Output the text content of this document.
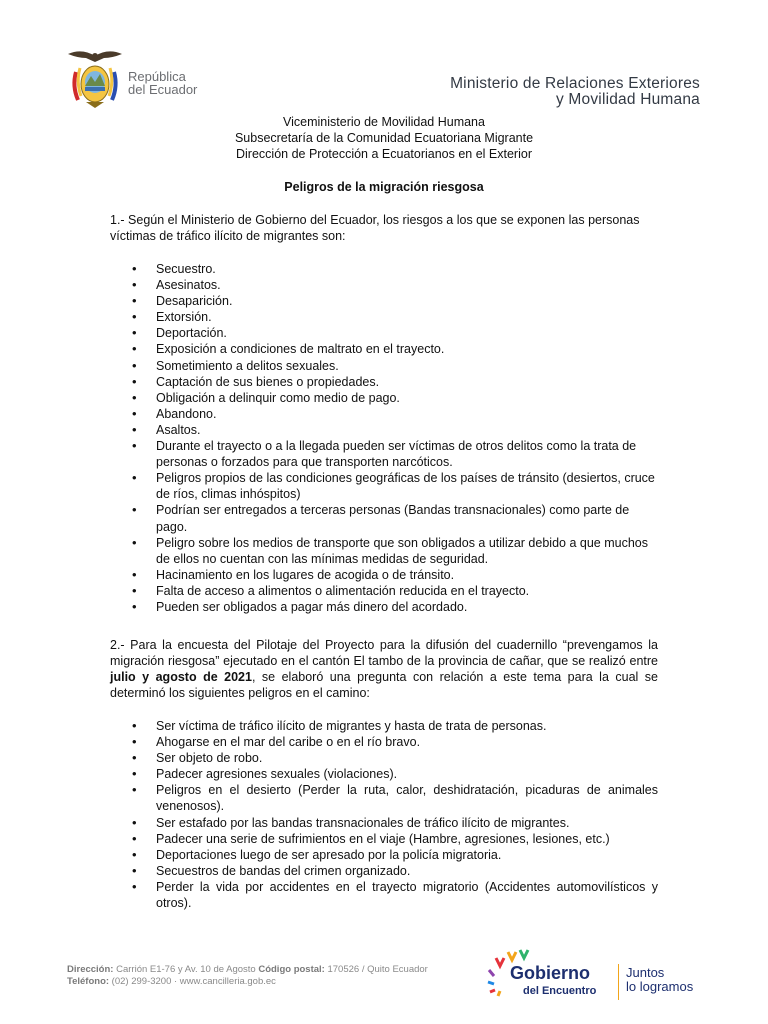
República
del Ecuador	Ministerio de Relaciones Exteriores
y Movilidad Humana
Viceministerio de Movilidad Humana
Subsecretaría de la Comunidad Ecuatoriana Migrante
Dirección de Protección a Ecuatorianos en el Exterior
Peligros de la migración riesgosa
1.- Según el Ministerio de Gobierno del Ecuador, los riesgos a los que se exponen las personas víctimas de tráfico ilícito de migrantes son:
• Secuestro.
• Asesinatos.
• Desaparición.
• Extorsión.
• Deportación.
• Exposición a condiciones de maltrato en el trayecto.
• Sometimiento a delitos sexuales.
• Captación de sus bienes o propiedades.
• Obligación a delinquir como medio de pago.
• Abandono.
• Asaltos.
• Durante el trayecto o a la llegada pueden ser víctimas de otros delitos como la trata de personas o forzados para que transporten narcóticos.
• Peligros propios de las condiciones geográficas de los países de tránsito (desiertos, cruce de ríos, climas inhóspitos)
• Podrían ser entregados a terceras personas (Bandas transnacionales) como parte de pago.
• Peligro sobre los medios de transporte que son obligados a utilizar debido a que muchos de ellos no cuentan con las mínimas medidas de seguridad.
• Hacinamiento en los lugares de acogida o de tránsito.
• Falta de acceso a alimentos o alimentación reducida en el trayecto.
• Pueden ser obligados a pagar más dinero del acordado.
2.- Para la encuesta del Pilotaje del Proyecto para la difusión del cuadernillo “prevengamos la migración riesgosa” ejecutado en el cantón El tambo de la provincia de cañar, que se realizó entre julio y agosto de 2021, se elaboró una pregunta con relación a este tema para la cual se determinó los siguientes peligros en el camino:
• Ser víctima de tráfico ilícito de migrantes y hasta de trata de personas.
• Ahogarse en el mar del caribe o en el río bravo.
• Ser objeto de robo.
• Padecer agresiones sexuales (violaciones).
• Peligros en el desierto (Perder la ruta, calor, deshidratación, picaduras de animales venenosos).
• Ser estafado por las bandas transnacionales de tráfico ilícito de migrantes.
• Padecer una serie de sufrimientos en el viaje (Hambre, agresiones, lesiones, etc.)
• Deportaciones luego de ser apresado por la policía migratoria.
• Secuestros de bandas del crimen organizado.
• Perder la vida por accidentes en el trayecto migratorio (Accidentes automovilísticos y otros).
Dirección: Carrión E1-76 y Av. 10 de Agosto Código postal: 170526 / Quito Ecuador
Teléfono: (02) 299-3200 · www.cancilleria.gob.ec	Gobierno
del Encuentro
Juntos
lo logramos
